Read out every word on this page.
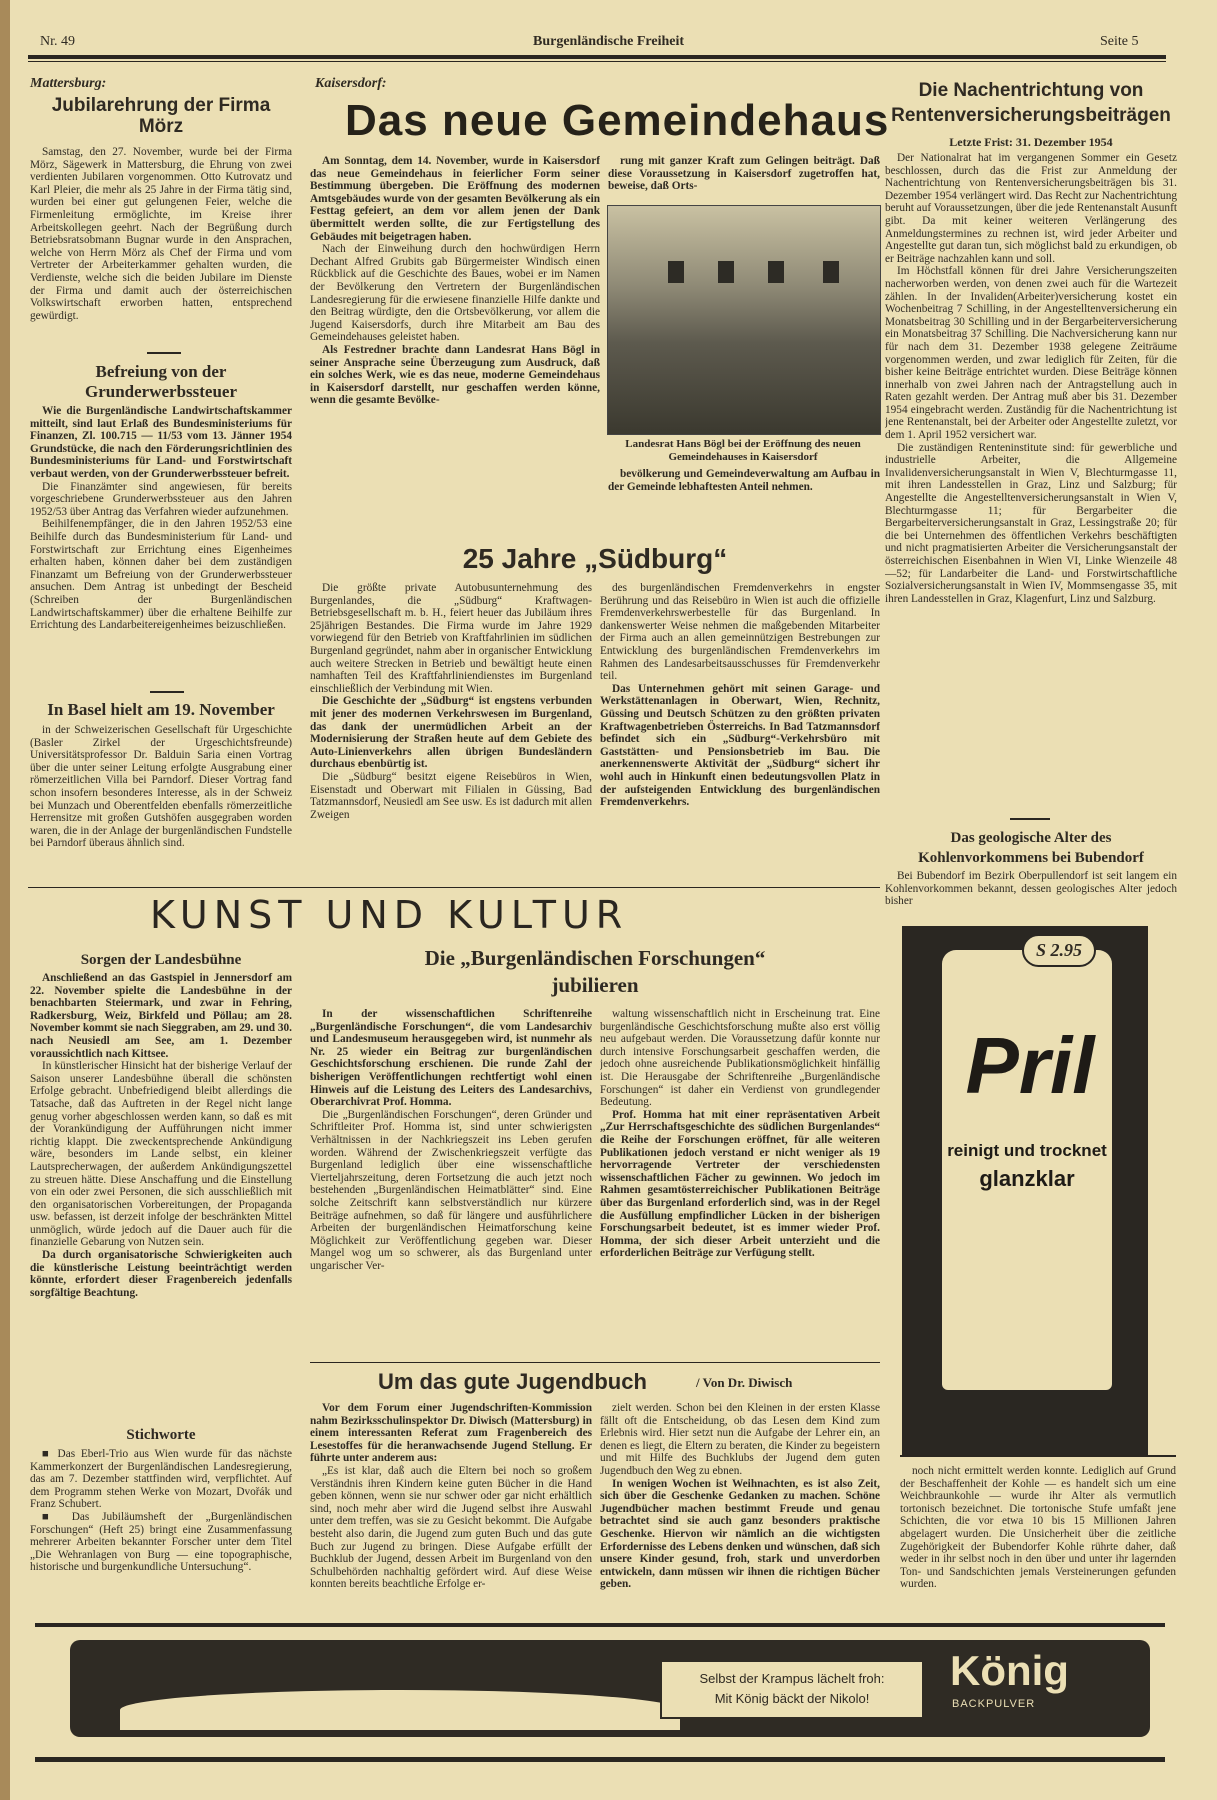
Nr. 49	Burgenländische Freiheit	Seite 5
Mattersburg:
Jubilarehrung der Firma Mörz

Samstag, den 27. November, wurde bei der Firma Mörz, Sägewerk in Mattersburg, die Ehrung von zwei verdienten Jubilaren vorgenommen. Otto Kutrovatz und Karl Pleier, die mehr als 25 Jahre in der Firma tätig sind, wurden bei einer gut gelungenen Feier, welche die Firmenleitung ermöglichte, im Kreise ihrer Arbeitskollegen geehrt. Nach der Begrüßung durch Betriebsratsobmann Bugnar wurde in den Ansprachen, welche von Herrn Mörz als Chef der Firma und vom Vertreter der Arbeiterkammer gehalten wurden, die Verdienste, welche sich die beiden Jubilare im Dienste der Firma und damit auch der österreichischen Volkswirtschaft erworben hatten, entsprechend gewürdigt.

Befreiung von der Grunderwerbssteuer

Wie die Burgenländische Landwirtschaftskammer mitteilt, sind laut Erlaß des Bundesministeriums für Finanzen, Zl. 100.715 — 11/53 vom 13. Jänner 1954 Grundstücke, die nach den Förderungsrichtlinien des Bundesministeriums für Land- und Forstwirtschaft verbaut werden, von der Grunderwerbssteuer befreit.

Die Finanzämter sind angewiesen, für bereits vorgeschriebene Grunderwerbssteuer aus den Jahren 1952/53 über Antrag das Verfahren wieder aufzunehmen.

Beihilfenempfänger, die in den Jahren 1952/53 eine Beihilfe durch das Bundesministerium für Land- und Forstwirtschaft zur Errichtung eines Eigenheimes erhalten haben, können daher bei dem zuständigen Finanzamt um Befreiung von der Grunderwerbssteuer ansuchen. Dem Antrag ist unbedingt der Bescheid (Schreiben der Burgenländischen Landwirtschaftskammer) über die erhaltene Beihilfe zur Errichtung des Landarbeitereigenheimes beizuschließen.

In Basel hielt am 19. November

in der Schweizerischen Gesellschaft für Urgeschichte (Basler Zirkel der Urgeschichtsfreunde) Universitätsprofessor Dr. Balduin Saria einen Vortrag über die unter seiner Leitung erfolgte Ausgrabung einer römerzeitlichen Villa bei Parndorf. Dieser Vortrag fand schon insofern besonderes Interesse, als in der Schweiz bei Munzach und Oberentfelden ebenfalls römerzeitliche Herrensitze mit großen Gutshöfen ausgegraben worden waren, die in der Anlage der burgenländischen Fundstelle bei Parndorf überaus ähnlich sind.

Kaisersdorf:
Das neue Gemeindehaus

Am Sonntag, dem 14. November, wurde in Kaisersdorf das neue Gemeindehaus in feierlicher Form seiner Bestimmung übergeben. Die Eröffnung des modernen Amtsgebäudes wurde von der gesamten Bevölkerung als ein Festtag gefeiert, an dem vor allem jenen der Dank übermittelt werden sollte, die zur Fertigstellung des Gebäudes mit beigetragen haben.

Nach der Einweihung durch den hochwürdigen Herrn Dechant Alfred Grubits gab Bürgermeister Windisch einen Rückblick auf die Geschichte des Baues, wobei er im Namen der Bevölkerung den Vertretern der Burgenländischen Landesregierung für die erwiesene finanzielle Hilfe dankte und den Beitrag würdigte, den die Ortsbevölkerung, vor allem die Jugend Kaisersdorfs, durch ihre Mitarbeit am Bau des Gemeindehauses geleistet haben.

Als Festredner brachte dann Landesrat Hans Bögl in seiner Ansprache seine Überzeugung zum Ausdruck, daß ein solches Werk, wie es das neue, moderne Gemeindehaus in Kaisersdorf darstellt, nur geschaffen werden könne, wenn die gesamte Bevölke-

rung mit ganzer Kraft zum Gelingen beiträgt. Daß diese Voraussetzung in Kaisersdorf zugetroffen hat, beweise, daß Orts-

Landesrat Hans Bögl bei der Eröffnung des neuen Gemeindehauses in Kaisersdorf

bevölkerung und Gemeindeverwaltung am Aufbau in der Gemeinde lebhaftesten Anteil nehmen.

25 Jahre „Südburg“

Die größte private Autobusunternehmung des Burgenlandes, die „Südburg“ Kraftwagen-Betriebsgesellschaft m. b. H., feiert heuer das Jubiläum ihres 25jährigen Bestandes. Die Firma wurde im Jahre 1929 vorwiegend für den Betrieb von Kraftfahrlinien im südlichen Burgenland gegründet, nahm aber in organischer Entwicklung auch weitere Strecken in Betrieb und bewältigt heute einen namhaften Teil des Kraftfahrliniendienstes im Burgenland einschließlich der Verbindung mit Wien.

Die Geschichte der „Südburg“ ist engstens verbunden mit jener des modernen Verkehrswesen im Burgenland, das dank der unermüdlichen Arbeit an der Modernisierung der Straßen heute auf dem Gebiete des Auto-Linienverkehrs allen übrigen Bundesländern durchaus ebenbürtig ist.

Die „Südburg“ besitzt eigene Reisebüros in Wien, Eisenstadt und Oberwart mit Filialen in Güssing, Bad Tatzmannsdorf, Neusiedl am See usw. Es ist dadurch mit allen Zweigen

des burgenländischen Fremdenverkehrs in engster Berührung und das Reisebüro in Wien ist auch die offizielle Fremdenverkehrswerbestelle für das Burgenland. In dankenswerter Weise nehmen die maßgebenden Mitarbeiter der Firma auch an allen gemeinnützigen Bestrebungen zur Entwicklung des burgenländischen Fremdenverkehrs im Rahmen des Landesarbeitsausschusses für Fremdenverkehr teil.

Das Unternehmen gehört mit seinen Garage- und Werkstättenanlagen in Oberwart, Wien, Rechnitz, Güssing und Deutsch Schützen zu den größten privaten Kraftwagenbetrieben Österreichs. In Bad Tatzmannsdorf befindet sich ein „Südburg“-Verkehrsbüro mit Gaststätten- und Pensionsbetrieb im Bau. Die anerkennenswerte Aktivität der „Südburg“ sichert ihr wohl auch in Hinkunft einen bedeutungsvollen Platz in der aufsteigenden Entwicklung des burgenländischen Fremdenverkehrs.

Die Nachentrichtung von Rentenversicherungsbeiträgen
Letzte Frist: 31. Dezember 1954

Der Nationalrat hat im vergangenen Sommer ein Gesetz beschlossen, durch das die Frist zur Anmeldung der Nachentrichtung von Rentenversicherungsbeiträgen bis 31. Dezember 1954 verlängert wird. Das Recht zur Nachentrichtung beruht auf Voraussetzungen, über die jede Rentenanstalt Ausunft gibt. Da mit keiner weiteren Verlängerung des Anmeldungstermines zu rechnen ist, wird jeder Arbeiter und Angestellte gut daran tun, sich möglichst bald zu erkundigen, ob er Beiträge nachzahlen kann und soll.

Im Höchstfall können für drei Jahre Versicherungszeiten nacherworben werden, von denen zwei auch für die Wartezeit zählen. In der Invaliden(Arbeiter)versicherung kostet ein Wochenbeitrag 7 Schilling, in der Angestelltenversicherung ein Monatsbeitrag 30 Schilling und in der Bergarbeiterversicherung ein Monatsbeitrag 37 Schilling. Die Nachversicherung kann nur für nach dem 31. Dezember 1938 gelegene Zeiträume vorgenommen werden, und zwar lediglich für Zeiten, für die bisher keine Beiträge entrichtet wurden. Diese Beiträge können innerhalb von zwei Jahren nach der Antragstellung auch in Raten gezahlt werden. Der Antrag muß aber bis 31. Dezember 1954 eingebracht werden. Zuständig für die Nachentrichtung ist jene Rentenanstalt, bei der Arbeiter oder Angestellte zuletzt, vor dem 1. April 1952 versichert war.

Die zuständigen Renteninstitute sind: für gewerbliche und industrielle Arbeiter, die Allgemeine Invalidenversicherungsanstalt in Wien V, Blechturmgasse 11, mit ihren Landesstellen in Graz, Linz und Salzburg; für Angestellte die Angestelltenversicherungsanstalt in Wien V, Blechturmgasse 11; für Bergarbeiter die Bergarbeiterversicherungsanstalt in Graz, Lessingstraße 20; für die bei Unternehmen des öffentlichen Verkehrs beschäftigten und nicht pragmatisierten Arbeiter die Versicherungsanstalt der österreichischen Eisenbahnen in Wien VI, Linke Wienzeile 48—52; für Landarbeiter die Land- und Forstwirtschaftliche Sozialversicherungsanstalt in Wien IV, Mommsengasse 35, mit ihren Landesstellen in Graz, Klagenfurt, Linz und Salzburg.

Das geologische Alter des Kohlenvorkommens bei Bubendorf

Bei Bubendorf im Bezirk Oberpullendorf ist seit langem ein Kohlenvorkommen bekannt, dessen geologisches Alter jedoch bisher

S 2.95
Pril
reinigt und trocknet
glanzklar

noch nicht ermittelt werden konnte. Lediglich auf Grund der Beschaffenheit der Kohle — es handelt sich um eine Weichbraunkohle — wurde ihr Alter als vermutlich tortonisch bezeichnet. Die tortonische Stufe umfaßt jene Schichten, die vor etwa 10 bis 15 Millionen Jahren abgelagert wurden. Die Unsicherheit über die zeitliche Zugehörigkeit der Bubendorfer Kohle rührte daher, daß weder in ihr selbst noch in den über und unter ihr lagernden Ton- und Sandschichten jemals Versteinerungen gefunden wurden.

KUNST UND KULTUR
Sorgen der Landesbühne

Anschließend an das Gastspiel in Jennersdorf am 22. November spielte die Landesbühne in der benachbarten Steiermark, und zwar in Fehring, Radkersburg, Weiz, Birkfeld und Pöllau; am 28. November kommt sie nach Sieggraben, am 29. und 30. nach Neusiedl am See, am 1. Dezember voraussichtlich nach Kittsee.

In künstlerischer Hinsicht hat der bisherige Verlauf der Saison unserer Landesbühne überall die schönsten Erfolge gebracht. Unbefriedigend bleibt allerdings die Tatsache, daß das Auftreten in der Regel nicht lange genug vorher abgeschlossen werden kann, so daß es mit der Vorankündigung der Aufführungen nicht immer richtig klappt. Die zweckentsprechende Ankündigung wäre, besonders im Lande selbst, ein kleiner Lautsprecherwagen, der außerdem Ankündigungszettel zu streuen hätte. Diese Anschaffung und die Einstellung von ein oder zwei Personen, die sich ausschließlich mit den organisatorischen Vorbereitungen, der Propaganda usw. befassen, ist derzeit infolge der beschränkten Mittel unmöglich, würde jedoch auf die Dauer auch für die finanzielle Gebarung von Nutzen sein.

Da durch organisatorische Schwierigkeiten auch die künstlerische Leistung beeinträchtigt werden könnte, erfordert dieser Fragenbereich jedenfalls sorgfältige Beachtung.

Stichworte

■ Das Eberl-Trio aus Wien wurde für das nächste Kammerkonzert der Burgenländischen Landesregierung, das am 7. Dezember stattfinden wird, verpflichtet. Auf dem Programm stehen Werke von Mozart, Dvořák und Franz Schubert.

■ Das Jubiläumsheft der „Burgenländischen Forschungen“ (Heft 25) bringt eine Zusammenfassung mehrerer Arbeiten bekannter Forscher unter dem Titel „Die Wehranlagen von Burg — eine topographische, historische und burgenkundliche Untersuchung“.

Die „Burgenländischen Forschungen“
jubilieren

In der wissenschaftlichen Schriftenreihe „Burgenländische Forschungen“, die vom Landesarchiv und Landesmuseum herausgegeben wird, ist nunmehr als Nr. 25 wieder ein Beitrag zur burgenländischen Geschichtsforschung erschienen. Die runde Zahl der bisherigen Veröffentlichungen rechtfertigt wohl einen Hinweis auf die Leistung des Leiters des Landesarchivs, Oberarchivrat Prof. Homma.

Die „Burgenländischen Forschungen“, deren Gründer und Schriftleiter Prof. Homma ist, sind unter schwierigsten Verhältnissen in der Nachkriegszeit ins Leben gerufen worden. Während der Zwischenkriegszeit verfügte das Burgenland lediglich über eine wissenschaftliche Vierteljahrszeitung, deren Fortsetzung die auch jetzt noch bestehenden „Burgenländischen Heimatblätter“ sind. Eine solche Zeitschrift kann selbstverständlich nur kürzere Beiträge aufnehmen, so daß für längere und ausführlichere Arbeiten der burgenländischen Heimatforschung keine Möglichkeit zur Veröffentlichung gegeben war. Dieser Mangel wog um so schwerer, als das Burgenland unter ungarischer Ver-

waltung wissenschaftlich nicht in Erscheinung trat. Eine burgenländische Geschichtsforschung mußte also erst völlig neu aufgebaut werden. Die Voraussetzung dafür konnte nur durch intensive Forschungsarbeit geschaffen werden, die jedoch ohne ausreichende Publikationsmöglichkeit hinfällig ist. Die Herausgabe der Schriftenreihe „Burgenländische Forschungen“ ist daher ein Verdienst von grundlegender Bedeutung.

Prof. Homma hat mit einer repräsentativen Arbeit „Zur Herrschaftsgeschichte des südlichen Burgenlandes“ die Reihe der Forschungen eröffnet, für alle weiteren Publikationen jedoch verstand er nicht weniger als 19 hervorragende Vertreter der verschiedensten wissenschaftlichen Fächer zu gewinnen. Wo jedoch im Rahmen gesamtösterreichischer Publikationen Beiträge über das Burgenland erforderlich sind, was in der Regel die Ausfüllung empfindlicher Lücken in der bisherigen Forschungsarbeit bedeutet, ist es immer wieder Prof. Homma, der sich dieser Arbeit unterzieht und die erforderlichen Beiträge zur Verfügung stellt.

Um das gute Jugendbuch	/ Von Dr. Diwisch

Vor dem Forum einer Jugendschriften-Kommission nahm Bezirksschulinspektor Dr. Diwisch (Mattersburg) in einem interessanten Referat zum Fragenbereich des Lesestoffes für die heranwachsende Jugend Stellung. Er führte unter anderem aus:

„Es ist klar, daß auch die Eltern bei noch so großem Verständnis ihren Kindern keine guten Bücher in die Hand geben können, wenn sie nur schwer oder gar nicht erhältlich sind, noch mehr aber wird die Jugend selbst ihre Auswahl unter dem treffen, was sie zu Gesicht bekommt. Die Aufgabe besteht also darin, die Jugend zum guten Buch und das gute Buch zur Jugend zu bringen. Diese Aufgabe erfüllt der Buchklub der Jugend, dessen Arbeit im Burgenland von den Schulbehörden nachhaltig gefördert wird. Auf diese Weise konnten bereits beachtliche Erfolge er-

zielt werden. Schon bei den Kleinen in der ersten Klasse fällt oft die Entscheidung, ob das Lesen dem Kind zum Erlebnis wird. Hier setzt nun die Aufgabe der Lehrer ein, an denen es liegt, die Eltern zu beraten, die Kinder zu begeistern und mit Hilfe des Buchklubs der Jugend dem guten Jugendbuch den Weg zu ebnen.

In wenigen Wochen ist Weihnachten, es ist also Zeit, sich über die Geschenke Gedanken zu machen. Schöne Jugendbücher machen bestimmt Freude und genau betrachtet sind sie auch ganz besonders praktische Geschenke. Hiervon wir nämlich an die wichtigsten Erfordernisse des Lebens denken und wünschen, daß sich unsere Kinder gesund, froh, stark und unverdorben entwickeln, dann müssen wir ihnen die richtigen Bücher geben.

Selbst der Krampus lächelt froh:
Mit König bäckt der Nikolo!
König
BACKPULVER
